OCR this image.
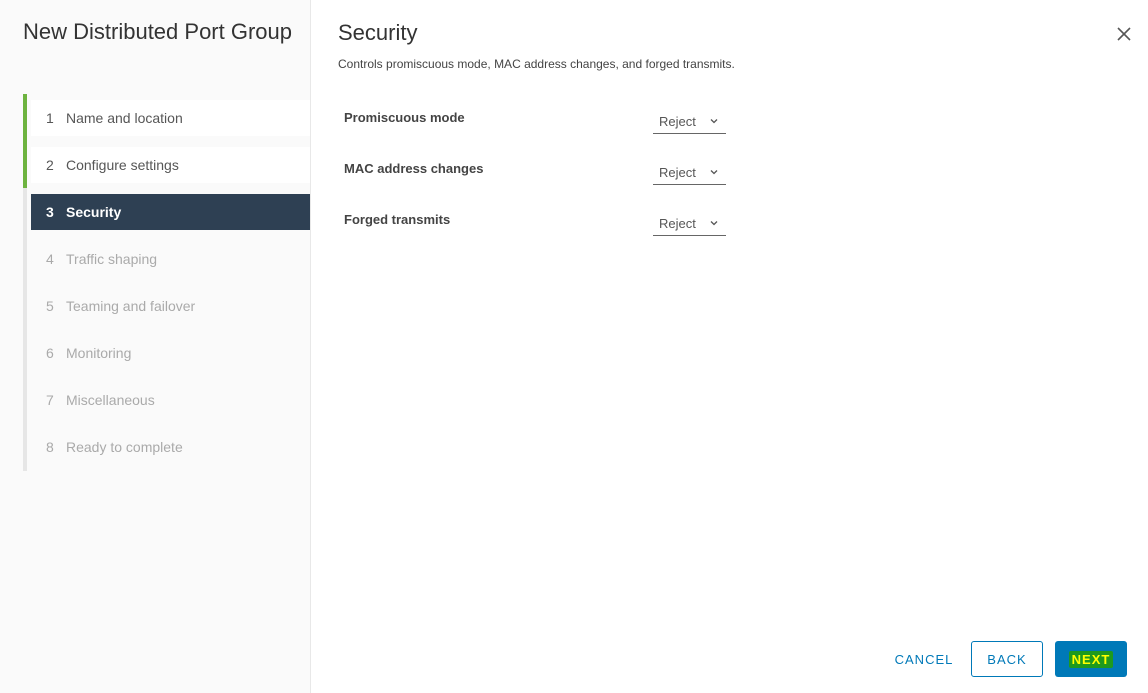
New Distributed Port Group
1 Name and location
2 Configure settings
3 Security
4 Traffic shaping
5 Teaming and failover
6 Monitoring
7 Miscellaneous
8 Ready to complete
Security

Controls promiscuous mode, MAC address changes, and forged transmits.

Promiscuous mode	Reject
MAC address changes	Reject
Forged transmits	Reject
CANCEL	BACK	NEXT
